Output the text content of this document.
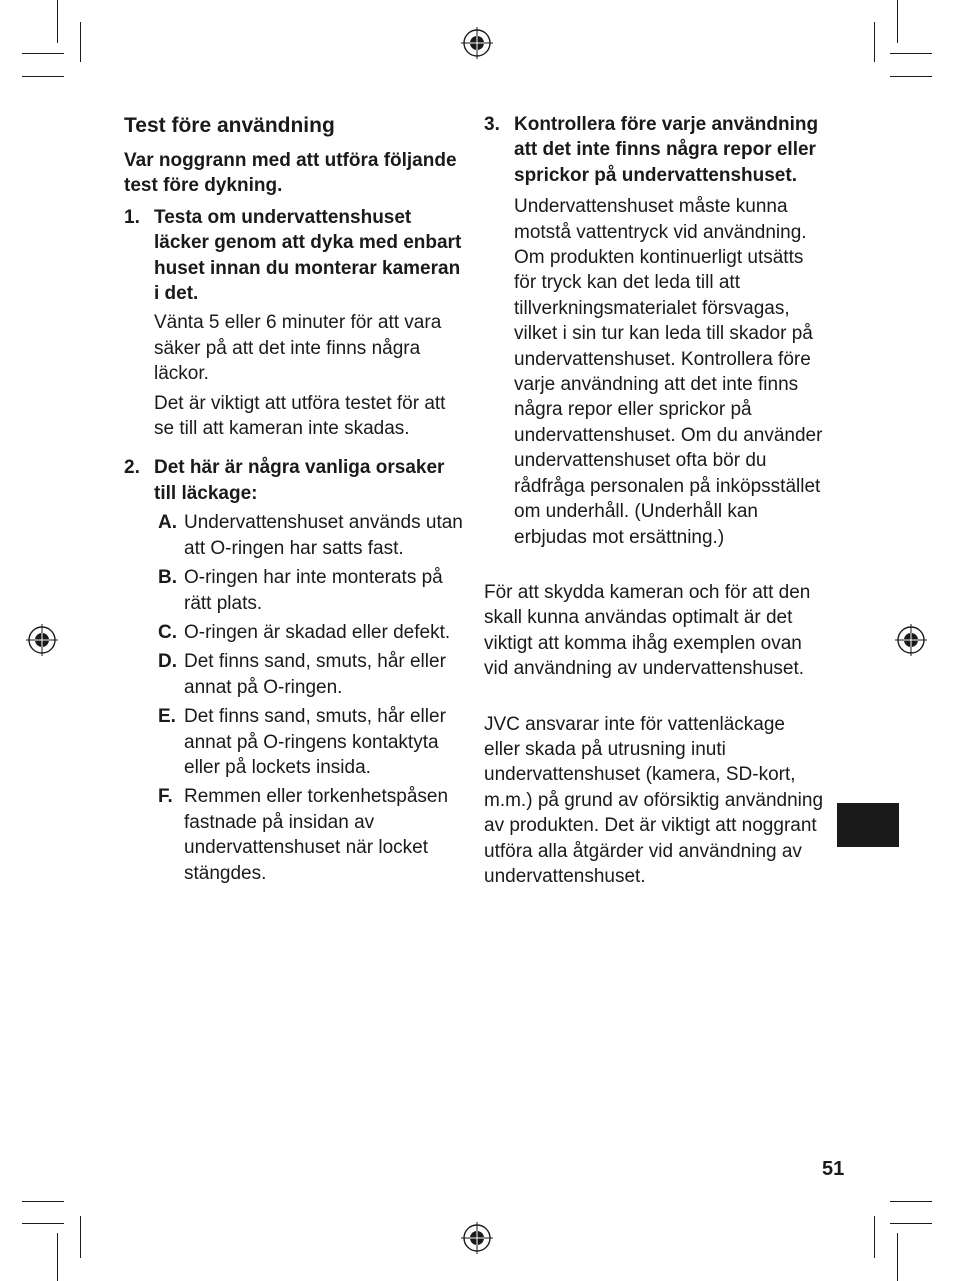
Test före användning

Var noggrann med att utföra följande test före dykning.

1. Testa om undervattenshuset läcker genom att dyka med enbart huset innan du monterar kameran i det.

Vänta 5 eller 6 minuter för att vara säker på att det inte finns några läckor.

Det är viktigt att utföra testet för att se till att kameran inte skadas.

2. Det här är några vanliga orsaker till läckage:

A. Undervattenshuset används utan att O-ringen har satts fast.

B. O-ringen har inte monterats på rätt plats.

C. O-ringen är skadad eller defekt.

D. Det finns sand, smuts, hår eller annat på O-ringen.

E. Det finns sand, smuts, hår eller annat på O-ringens kontaktyta eller på lockets insida.

F. Remmen eller torkenhetspåsen fastnade på insidan av undervattenshuset när locket stängdes.

3. Kontrollera före varje användning att det inte finns några repor eller sprickor på undervattenshuset.

Undervattenshuset måste kunna motstå vattentryck vid användning. Om produkten kontinuerligt utsätts för tryck kan det leda till att tillverkningsmaterialet försvagas, vilket i sin tur kan leda till skador på undervattenshuset. Kontrollera före varje användning att det inte finns några repor eller sprickor på undervattenshuset. Om du använder undervattenshuset ofta bör du rådfråga personalen på inköpsstället om underhåll. (Underhåll kan erbjudas mot ersättning.)

För att skydda kameran och för att den skall kunna användas optimalt är det viktigt att komma ihåg exemplen ovan vid användning av undervattenshuset.

JVC ansvarar inte för vattenläckage eller skada på utrusning inuti undervattenshuset (kamera, SD-kort, m.m.) på grund av oförsiktig användning av produkten. Det är viktigt att noggrant utföra alla åtgärder vid användning av undervattenshuset.

51
